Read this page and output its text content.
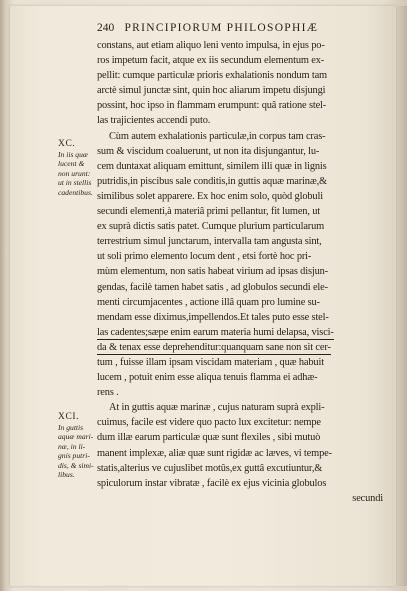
240 PRINCIPIORUM PHILOSOPHIÆ
XC.
In iis quæ
lucent &
non urunt:
ut in stellis
cadentibus.
XCI.
In guttis
aquæ mari-
næ, in li-
gnis putri-
dis, & simi-
libus.
constans, aut etiam aliquo leni vento impulsa, in ejus po-
ros impetum facit, atque ex iis secundum elementum ex-
pellit: cumque particulæ prioris exhalationis nondum tam
arctè simul junctæ sint, quin hoc aliarum impetu disjungi
possint, hoc ipso in flammam erumpunt: quâ ratione stel-
las trajicientes accendi puto.
Cùm autem exhalationis particulæ,in corpus tam cras-
sum & viscidum coaluerunt, ut non ita disjungantur, lu-
cem duntaxat aliquam emittunt, similem illi quæ in lignis
putridis,in piscibus sale conditis,in guttis aquæ marinæ,&
similibus solet apparere. Ex hoc enim solo, quòd globuli
secundi elementi,à materiâ primi pellantur, fit lumen, ut
ex suprà dictis satis patet. Cumque plurium particularum
terrestrium simul junctarum, intervalla tam angusta sint,
ut soli primo elemento locum dent , etsi fortè hoc pri-
mùm elementum, non satis habeat virium ad ipsas disjun-
gendas, facilè tamen habet satis , ad globulos secundi ele-
menti circumjacentes , actione illâ quam pro lumine su-
mendam esse diximus,impellendos.Et tales puto esse stel-
las cadentes;sæpe enim earum materia humi delapsa, visci-
da & tenax esse deprehenditur:quanquam sane non sit cer-
tum , fuisse illam ipsam viscidam materiam , quæ habuit
lucem , potuit enim esse aliqua tenuis flamma ei adhæ-
rens .
At in guttis aquæ marinæ , cujus naturam suprà expli-
cuimus, facile est videre quo pacto lux excitetur: nempe
dum illæ earum particulæ quæ sunt flexiles , sibi mutuò
manent implexæ, aliæ quæ sunt rigidæ ac læves, vi tempe-
statis,alterius ve cujuslibet motûs,ex guttâ excutiuntur,&
spiculorum instar vibratæ , facilè ex ejus vicinia globulos
secundi
